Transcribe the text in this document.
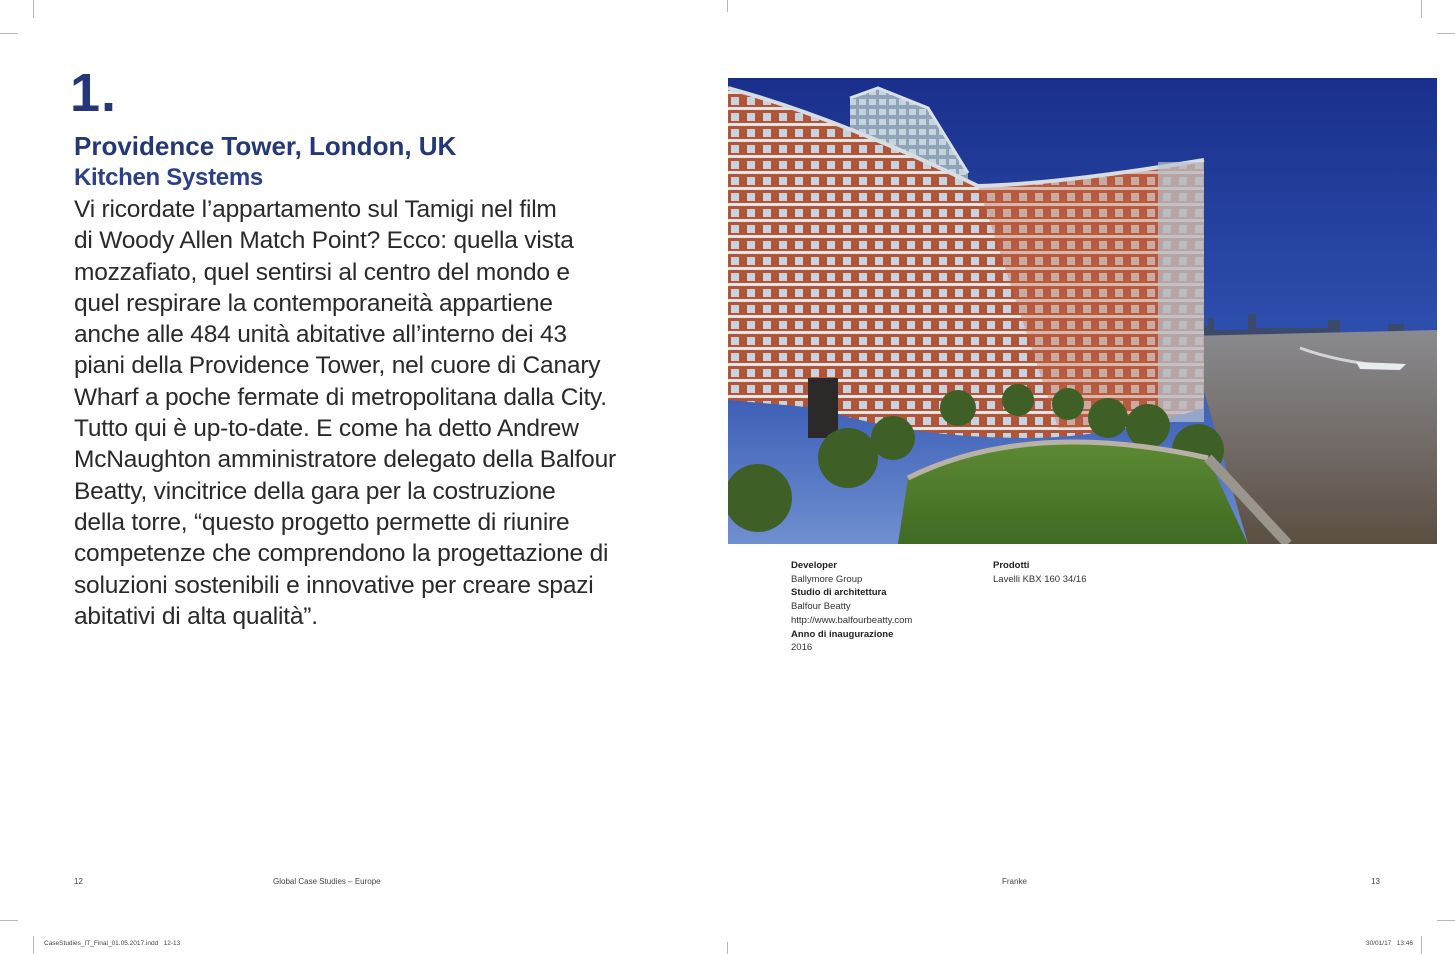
1.
Providence Tower, London, UK
Kitchen Systems

Vi ricordate l’appartamento sul Tamigi nel film
di Woody Allen Match Point? Ecco: quella vista
mozzafiato, quel sentirsi al centro del mondo e
quel respirare la contemporaneità appartiene
anche alle 484 unità abitative all’interno dei 43
piani della Providence Tower, nel cuore di Canary
Wharf a poche fermate di metropolitana dalla City.
Tutto qui è up-to-date. E come ha detto Andrew
McNaughton amministratore delegato della Balfour
Beatty, vincitrice della gara per la costruzione
della torre, “questo progetto permette di riunire
competenze che comprendono la progettazione di
soluzioni sostenibili e innovative per creare spazi
abitativi di alta qualità”.

Developer
Ballymore Group
Studio di architettura
Balfour Beatty
http://www.balfourbeatty.com
Anno di inaugurazione
2016
Prodotti
Lavelli KBX 160 34/16
12	Global Case Studies – Europe	Franke	13
CaseStudies_IT_Final_01.05.2017.indd   12-13	30/01/17   13:46
